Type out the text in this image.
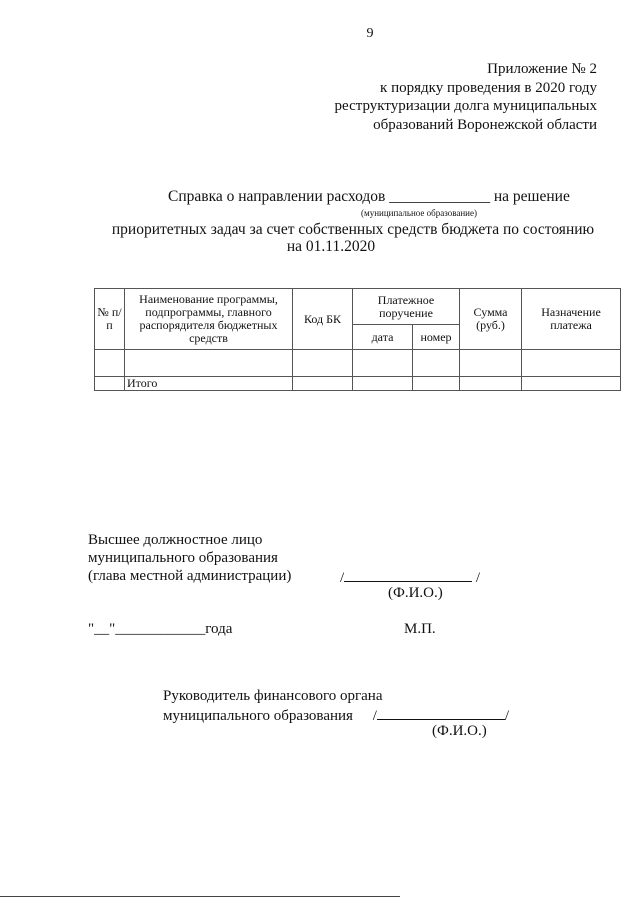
9
Приложение № 2
к порядку проведения в 2020 году
реструктуризации долга муниципальных
образований Воронежской области
Справка о направлении расходов _____________ на решение
(муниципальное образование)
приоритетных задач за счет собственных средств бюджета по состоянию
на 01.11.2020
№ п/п	Наименование программы, подпрограммы, главного распорядителя бюджетных средств	Код БК	Платежное поручение		Сумма (руб.)	Назначение платежа
			дата	номер		

	Итого					
Высшее должностное лицо
муниципального образования
(глава местной администрации)	/	/
(Ф.И.О.)
"__"____________года	М.П.
Руководитель финансового органа
муниципального образования /	/
(Ф.И.О.)
